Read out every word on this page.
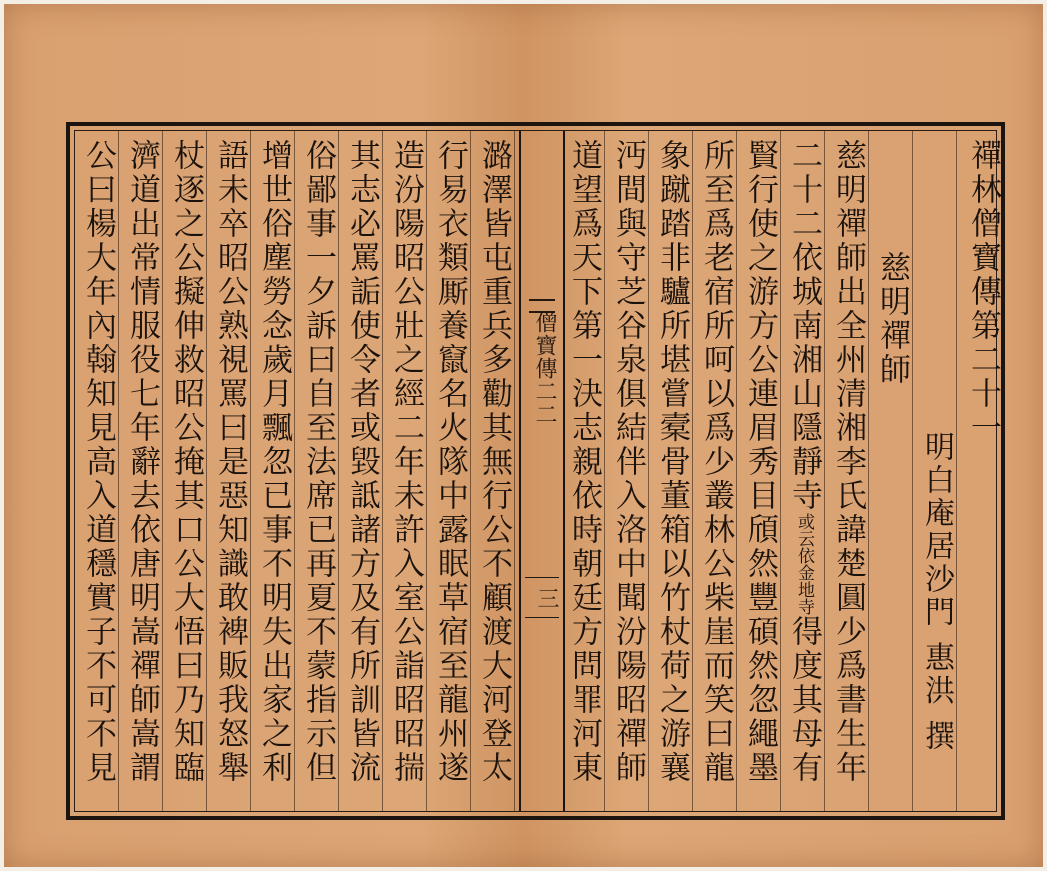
公曰楊大年內翰知見高入道穩實子不可不見 濟道出常情服役七年辭去依唐明嵩禪師嵩謂 杖逐之公擬伸救昭公掩其口公大悟曰乃知臨 語未卒昭公熟視罵曰是惡知識敢裨販我怒舉 增世俗塵勞念歲月飄忽已事不明失出家之利 俗鄙事一夕訴曰自至法席已再夏不蒙指示但 其志必罵詬使令者或毀詆諸方及有所訓皆流 造汾陽昭公壯之經二年未許入室公詣昭昭揣 行易衣類厮養竄名火隊中露眠草宿至龍州遂 潞澤皆屯重兵多勸其無行公不顧渡大河登太 僧寶傳二二
三 道望爲天下第一決志親依時朝廷方問罪河東 沔間與守芝谷泉俱結伴入洛中聞汾陽昭禪師 象蹴踏非驢所堪嘗槖骨董箱以竹杖荷之游襄 所至爲老宿所呵以爲少叢林公柴崖而笑曰龍 賢行使之游方公連眉秀目頎然豐碩然忽繩墨 二十二依城南湘山隱靜寺或云依金地寺得度其母有 慈明禪師出全州清湘李氏諱楚圓少爲書生年 慈明禪師
明白庵居沙門 惠洪 撰
禪林僧寶傳第二十一
